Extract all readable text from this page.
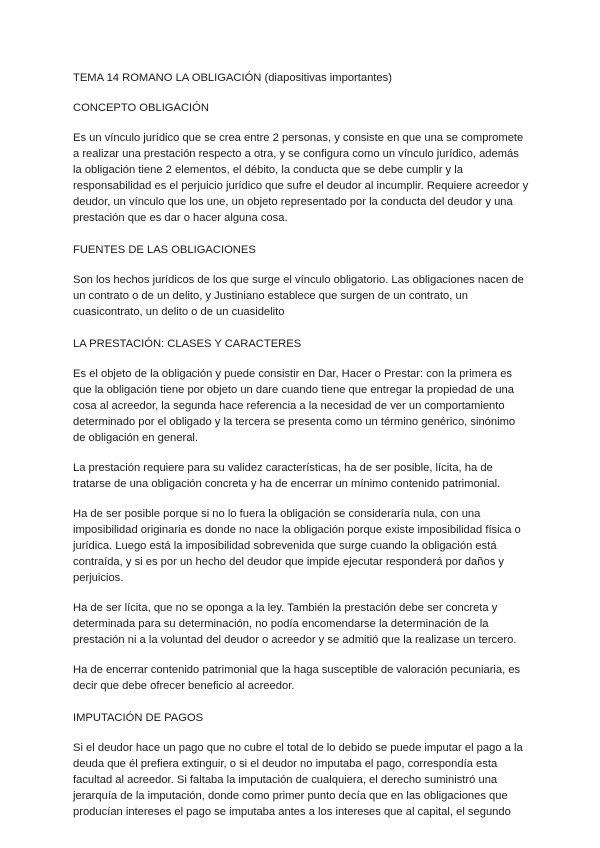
TEMA 14 ROMANO LA OBLIGACIÓN (diapositivas importantes)

CONCEPTO OBLIGACIÓN

Es un vínculo jurídico que se crea entre 2 personas, y consiste en que una se compromete a realizar una prestación respecto a otra, y se configura como un vínculo jurídico, además la obligación tiene 2 elementos, el débito, la conducta que se debe cumplir y la responsabilidad es el perjuicio jurídico que sufre el deudor al incumplir. Requiere acreedor y deudor, un vínculo que los une, un objeto representado por la conducta del deudor y una prestación que es dar o hacer alguna cosa.

FUENTES DE LAS OBLIGACIONES

Son los hechos jurídicos de los que surge el vínculo obligatorio. Las obligaciones nacen de un contrato o de un delito, y Justiniano establece que surgen de un contrato, un cuasicontrato, un delito o de un cuasidelito

LA PRESTACIÓN: CLASES Y CARACTERES

Es el objeto de la obligación y puede consistir en Dar, Hacer o Prestar: con la primera es que la obligación tiene por objeto un dare cuando tiene que entregar la propiedad de una cosa al acreedor, la segunda hace referencia a la necesidad de ver un comportamiento determinado por el obligado y la tercera se presenta como un término genérico, sinónimo de obligación en general.

La prestación requiere para su validez características, ha de ser posible, lícita, ha de tratarse de una obligación concreta y ha de encerrar un mínimo contenido patrimonial.

Ha de ser posible porque si no lo fuera la obligación se consideraría nula, con una imposibilidad originaria es donde no nace la obligación porque existe imposibilidad física o jurídica. Luego está la imposibilidad sobrevenida que surge cuando la obligación está contraída, y si es por un hecho del deudor que impide ejecutar responderá por daños y perjuicios.

Ha de ser lícita, que no se oponga a la ley. También la prestación debe ser concreta y determinada para su determinación, no podía encomendarse la determinación de la prestación ni a la voluntad del deudor o acreedor y se admitió que la realizase un tercero.

Ha de encerrar contenido patrimonial que la haga susceptible de valoración pecuniaria, es decir que debe ofrecer beneficio al acreedor.

IMPUTACIÓN DE PAGOS

Si el deudor hace un pago que no cubre el total de lo debido se puede imputar el pago a la deuda que él prefiera extinguir, o si el deudor no imputaba el pago, correspondía esta facultad al acreedor. Si faltaba la imputación de cualquiera, el derecho suministró una jerarquía de la imputación, donde como primer punto decía que en las obligaciones que producían intereses el pago se imputaba antes a los intereses que al capital, el segundo
